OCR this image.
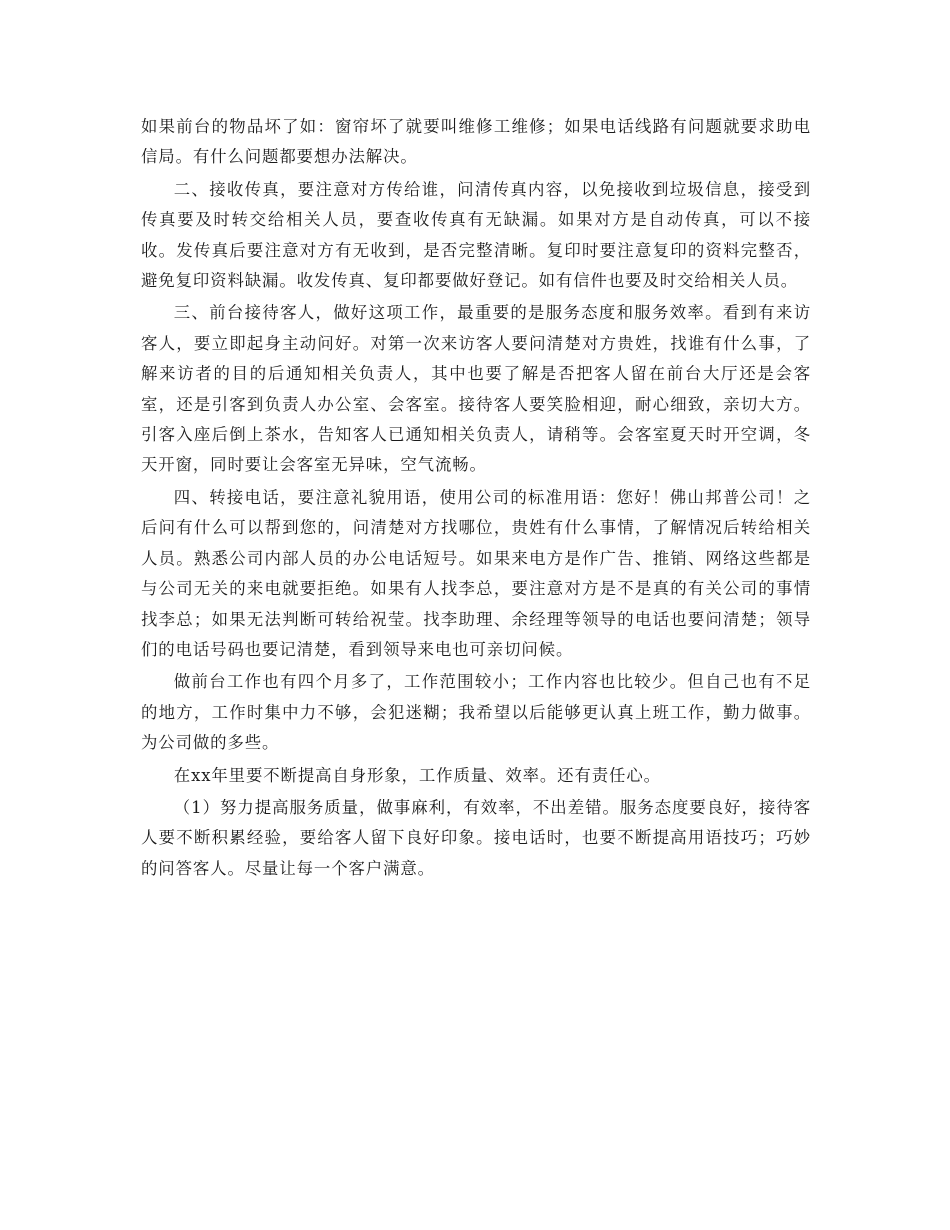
如果前台的物品坏了如：窗帘坏了就要叫维修工维修；如果电话线路有问题就要求助电信局。有什么问题都要想办法解决。

二、接收传真，要注意对方传给谁，问清传真内容，以免接收到垃圾信息，接受到传真要及时转交给相关人员，要查收传真有无缺漏。如果对方是自动传真，可以不接收。发传真后要注意对方有无收到，是否完整清晰。复印时要注意复印的资料完整否，避免复印资料缺漏。收发传真、复印都要做好登记。如有信件也要及时交给相关人员。

三、前台接待客人，做好这项工作，最重要的是服务态度和服务效率。看到有来访客人，要立即起身主动问好。对第一次来访客人要问清楚对方贵姓，找谁有什么事，了解来访者的目的后通知相关负责人，其中也要了解是否把客人留在前台大厅还是会客室，还是引客到负责人办公室、会客室。接待客人要笑脸相迎，耐心细致，亲切大方。引客入座后倒上茶水，告知客人已通知相关负责人，请稍等。会客室夏天时开空调，冬天开窗，同时要让会客室无异味，空气流畅。

四、转接电话，要注意礼貌用语，使用公司的标准用语：您好！佛山邦普公司！之后问有什么可以帮到您的，问清楚对方找哪位，贵姓有什么事情，了解情况后转给相关人员。熟悉公司内部人员的办公电话短号。如果来电方是作广告、推销、网络这些都是与公司无关的来电就要拒绝。如果有人找李总，要注意对方是不是真的有关公司的事情找李总；如果无法判断可转给祝莹。找李助理、余经理等领导的电话也要问清楚；领导们的电话号码也要记清楚，看到领导来电也可亲切问候。

做前台工作也有四个月多了，工作范围较小；工作内容也比较少。但自己也有不足的地方，工作时集中力不够，会犯迷糊；我希望以后能够更认真上班工作，勤力做事。为公司做的多些。

在xx年里要不断提高自身形象，工作质量、效率。还有责任心。

（1）努力提高服务质量，做事麻利，有效率，不出差错。服务态度要良好，接待客人要不断积累经验，要给客人留下良好印象。接电话时，也要不断提高用语技巧；巧妙的问答客人。尽量让每一个客户满意。
